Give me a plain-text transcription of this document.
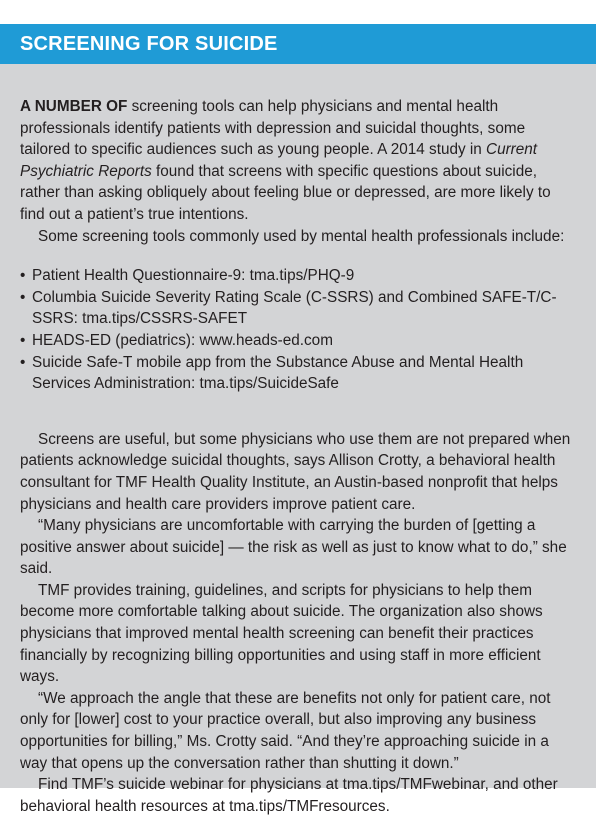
SCREENING FOR SUICIDE

A NUMBER OF screening tools can help physicians and mental health professionals identify patients with depression and suicidal thoughts, some tailored to specific audiences such as young people. A 2014 study in Current Psychiatric Reports found that screens with specific questions about suicide, rather than asking obliquely about feeling blue or depressed, are more likely to find out a patient’s true intentions.

Some screening tools commonly used by mental health professionals include:

• Patient Health Questionnaire-9: tma.tips/PHQ-9
• Columbia Suicide Severity Rating Scale (C-SSRS) and Combined SAFE-T/C-SSRS: tma.tips/CSSRS-SAFET
• HEADS-ED (pediatrics): www.heads-ed.com
• Suicide Safe-T mobile app from the Substance Abuse and Mental Health Services Administration: tma.tips/SuicideSafe

Screens are useful, but some physicians who use them are not prepared when patients acknowledge suicidal thoughts, says Allison Crotty, a behavioral health consultant for TMF Health Quality Institute, an Austin-based nonprofit that helps physicians and health care providers improve patient care.

“Many physicians are uncomfortable with carrying the burden of [getting a positive answer about suicide] — the risk as well as just to know what to do,” she said.

TMF provides training, guidelines, and scripts for physicians to help them become more comfortable talking about suicide. The organization also shows physicians that improved mental health screening can benefit their practices financially by recognizing billing opportunities and using staff in more efficient ways.

“We approach the angle that these are benefits not only for patient care, not only for [lower] cost to your practice overall, but also improving any business opportunities for billing,” Ms. Crotty said. “And they’re approaching suicide in a way that opens up the conversation rather than shutting it down.”

Find TMF’s suicide webinar for physicians at tma.tips/TMFwebinar, and other behavioral health resources at tma.tips/TMFresources.
